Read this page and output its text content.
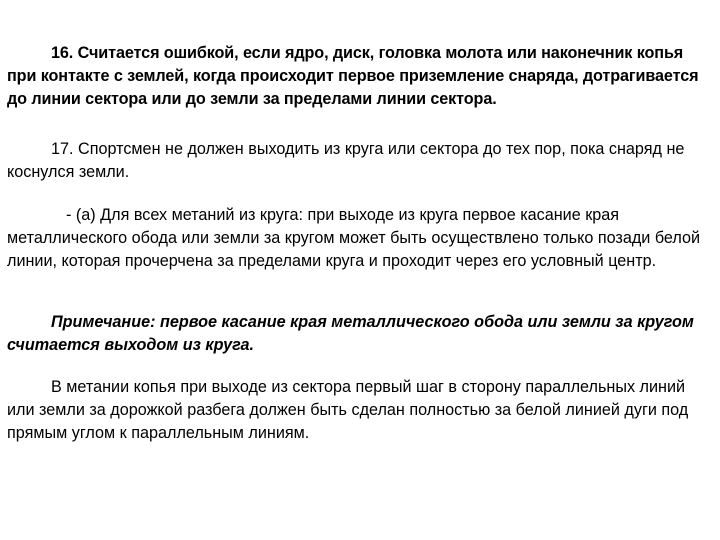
16. Считается ошибкой, если ядро, диск, головка молота или наконечник копья при контакте с землей, когда происходит первое приземление снаряда, дотрагивается до линии сектора или до земли за пределами линии сектора.

17. Спортсмен не должен выходить из круга или сектора до тех пор, пока снаряд не коснулся земли.

- (а) Для всех метаний из круга: при выходе из круга первое касание края металлического обода или земли за кругом может быть осуществлено только позади белой линии, которая прочерчена за пределами круга и проходит через его условный центр.

Примечание: первое касание края металлического обода или земли за кругом считается выходом из круга.

В метании копья при выходе из сектора первый шаг в сторону параллельных линий или земли за дорожкой разбега должен быть сделан полностью за белой линией дуги под прямым углом к параллельным линиям.
